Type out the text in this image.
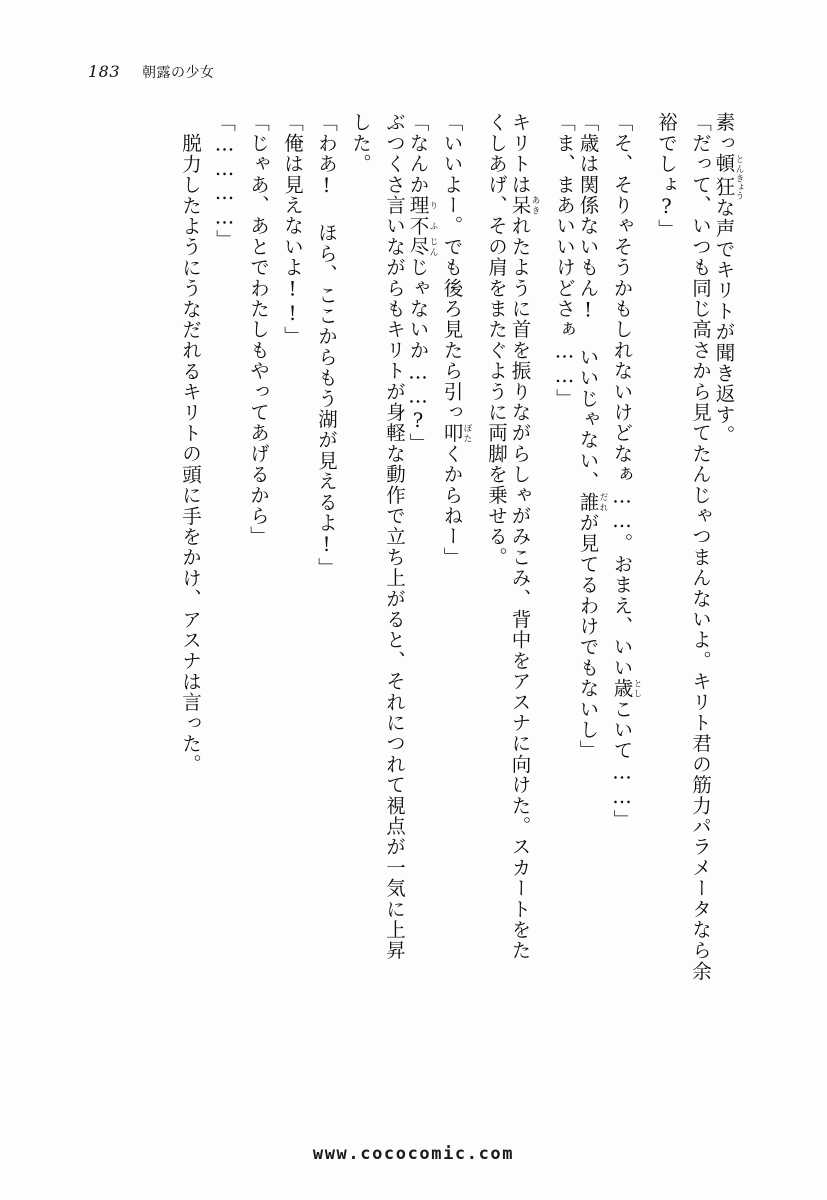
183 朝露の少女
素っ頓とん狂きょうな声でキリトが聞き返す。
「だって、いつも同じ高さから見てたんじゃつまんないよ。キリト君の筋力パラメータなら余
裕でしょ?」
「そ、そりゃそうかもしれないけどなぁ……。おまえ、いい歳としこいて……」
「歳は関係ないもん! いいじゃない、誰だれが見てるわけでもないし」
「ま、まあいいけどさぁ……」
キリトは呆あきれたように首を振りながらしゃがみこみ、背中をアスナに向けた。スカートをた
くしあげ、その肩をまたぐように両脚を乗せる。
「いいよー。でも後ろ見たら引っ叩ぽたくからねー」
「なんか理り不ふ尽じんじゃないか……?」
ぶつくさ言いながらもキリトが身軽な動作で立ち上がると、それにつれて視点が一気に上昇
した。
「わあ! ほら、ここからもう湖が見えるよ!」
「俺は見えないよ!!」
「じゃあ、あとでわたしもやってあげるから」
「…………」
脱力したようにうなだれるキリトの頭に手をかけ、アスナは言った。
www.cococomic.com
